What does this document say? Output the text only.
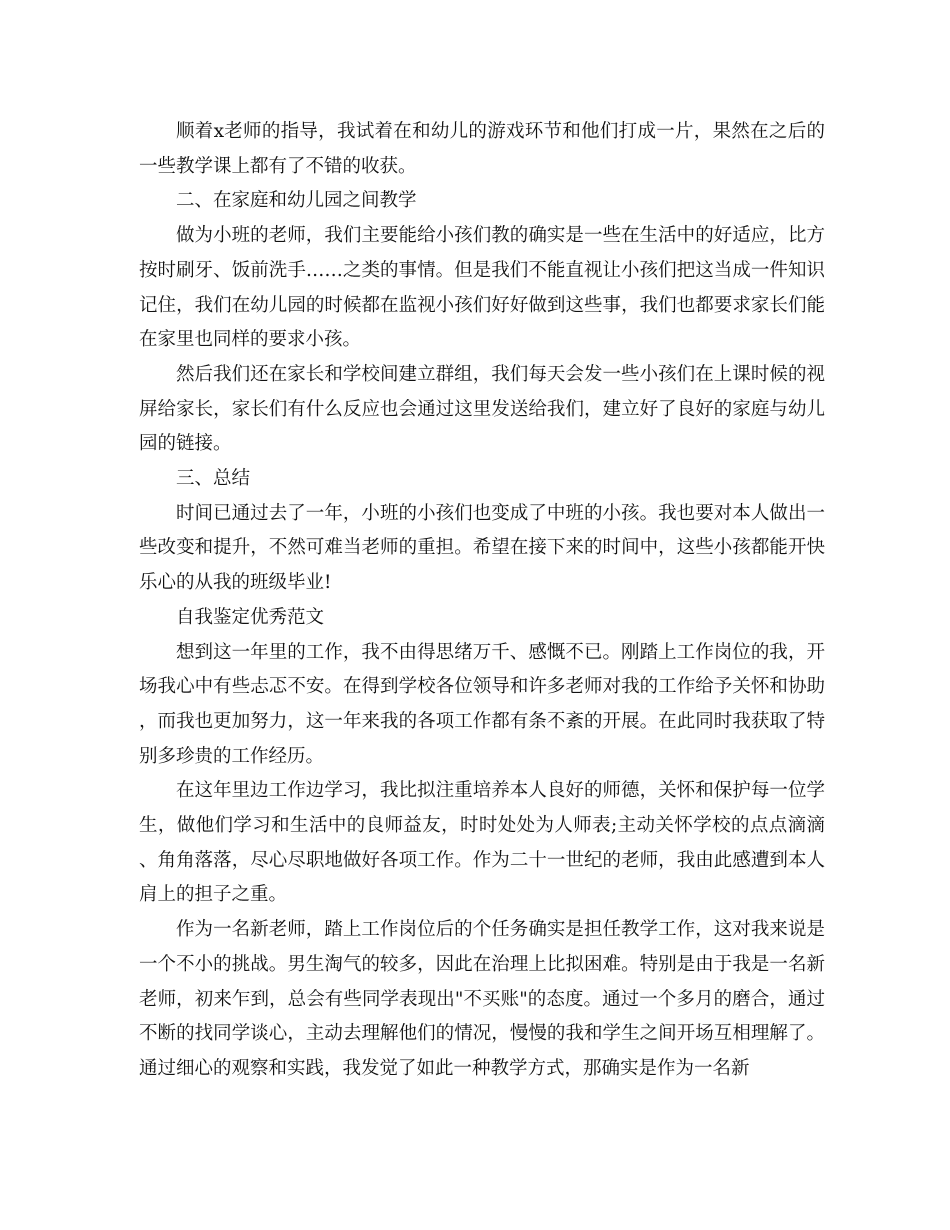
顺着x老师的指导，我试着在和幼儿的游戏环节和他们打成一片，果然在之后的一些教学课上都有了不错的收获。

二、在家庭和幼儿园之间教学

做为小班的老师，我们主要能给小孩们教的确实是一些在生活中的好适应，比方按时刷牙、饭前洗手……之类的事情。但是我们不能直视让小孩们把这当成一件知识记住，我们在幼儿园的时候都在监视小孩们好好做到这些事，我们也都要求家长们能在家里也同样的要求小孩。

然后我们还在家长和学校间建立群组，我们每天会发一些小孩们在上课时候的视屏给家长，家长们有什么反应也会通过这里发送给我们，建立好了良好的家庭与幼儿园的链接。

三、总结

时间已通过去了一年，小班的小孩们也变成了中班的小孩。我也要对本人做出一些改变和提升，不然可难当老师的重担。希望在接下来的时间中，这些小孩都能开快乐心的从我的班级毕业!

自我鉴定优秀范文

想到这一年里的工作，我不由得思绪万千、感慨不已。刚踏上工作岗位的我，开场我心中有些忐忑不安。在得到学校各位领导和许多老师对我的工作给予关怀和协助，而我也更加努力，这一年来我的各项工作都有条不紊的开展。在此同时我获取了特别多珍贵的工作经历。

在这年里边工作边学习，我比拟注重培养本人良好的师德，关怀和保护每一位学生，做他们学习和生活中的良师益友，时时处处为人师表;主动关怀学校的点点滴滴、角角落落，尽心尽职地做好各项工作。作为二十一世纪的老师，我由此感遭到本人肩上的担子之重。

作为一名新老师，踏上工作岗位后的个任务确实是担任教学工作，这对我来说是一个不小的挑战。男生淘气的较多，因此在治理上比拟困难。特别是由于我是一名新老师，初来乍到，总会有些同学表现出"不买账"的态度。通过一个多月的磨合，通过不断的找同学谈心，主动去理解他们的情况，慢慢的我和学生之间开场互相理解了。通过细心的观察和实践，我发觉了如此一种教学方式，那确实是作为一名新
